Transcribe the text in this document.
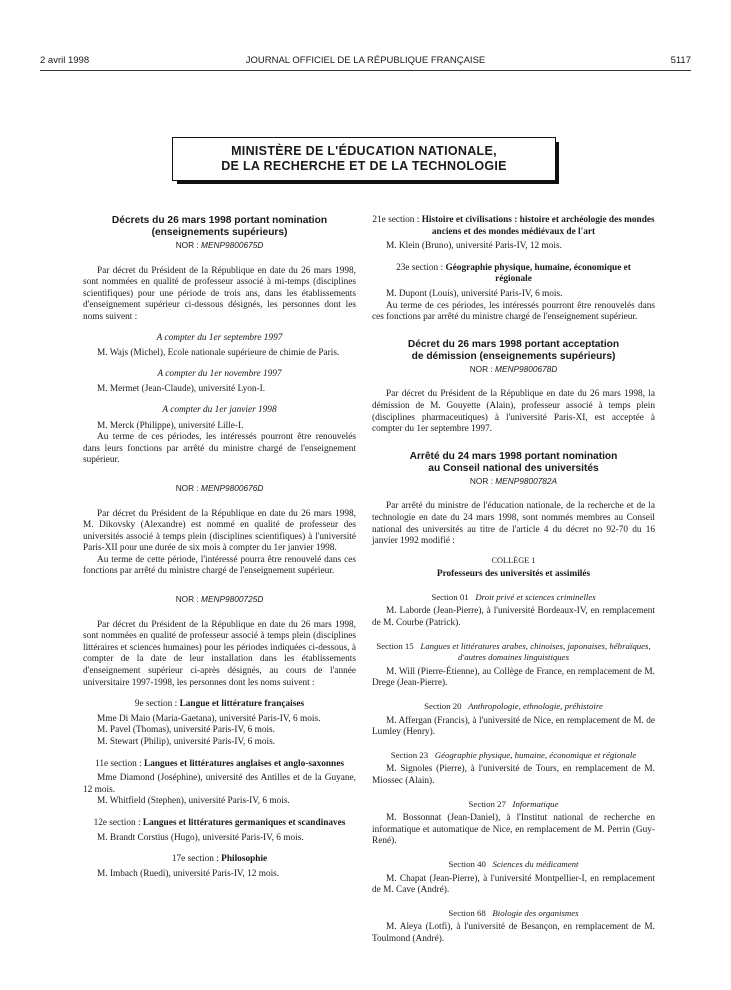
2 avril 1998	JOURNAL OFFICIEL DE LA RÉPUBLIQUE FRANÇAISE	5117
MINISTÈRE DE L'ÉDUCATION NATIONALE,
DE LA RECHERCHE ET DE LA TECHNOLOGIE
Décrets du 26 mars 1998 portant nomination
(enseignements supérieurs)
NOR : MENP9800675D

Par décret du Président de la République en date du 26 mars 1998, sont nommées en qualité de professeur associé à mi-temps (disciplines scientifiques) pour une période de trois ans, dans les établissements d'enseignement supérieur ci-dessous désignés, les personnes dont les noms suivent :

A compter du 1er septembre 1997

M. Wajs (Michel), Ecole nationale supérieure de chimie de Paris.

A compter du 1er novembre 1997

M. Mermet (Jean-Claude), université Lyon-I.

A compter du 1er janvier 1998

M. Merck (Philippe), université Lille-I.

Au terme de ces périodes, les intéressés pourront être renouvelés dans leurs fonctions par arrêté du ministre chargé de l'enseignement supérieur.

NOR : MENP9800676D

Par décret du Président de la République en date du 26 mars 1998, M. Dikovsky (Alexandre) est nommé en qualité de professeur des universités associé à temps plein (disciplines scientifiques) à l'université Paris-XII pour une durée de six mois à compter du 1er janvier 1998.

Au terme de cette période, l'intéressé pourra être renouvelé dans ces fonctions par arrêté du ministre chargé de l'enseignement supérieur.

NOR : MENP9800725D

Par décret du Président de la République en date du 26 mars 1998, sont nommées en qualité de professeur associé à temps plein (disciplines littéraires et sciences humaines) pour les périodes indiquées ci-dessous, à compter de la date de leur installation dans les établissements d'enseignement supérieur ci-après désignés, au cours de l'année universitaire 1997-1998, les personnes dont les noms suivent :

9e section : Langue et littérature françaises

Mme Di Maio (Maria-Gaetana), université Paris-IV, 6 mois.

M. Pavel (Thomas), université Paris-IV, 6 mois.

M. Stewart (Philip), université Paris-IV, 6 mois.

11e section : Langues et littératures anglaises et anglo-saxonnes

Mme Diamond (Joséphine), université des Antilles et de la Guyane, 12 mois.

M. Whitfield (Stephen), université Paris-IV, 6 mois.

12e section : Langues et littératures germaniques et scandinaves

M. Brandt Corstius (Hugo), université Paris-IV, 6 mois.

17e section : Philosophie

M. Imbach (Ruedi), université Paris-IV, 12 mois.

21e section : Histoire et civilisations : histoire et archéologie des mondes anciens et des mondes médiévaux de l'art

M. Klein (Bruno), université Paris-IV, 12 mois.

23e section : Géographie physique, humaine, économique et régionale

M. Dupont (Louis), université Paris-IV, 6 mois.

Au terme de ces périodes, les intéressés pourront être renouvelés dans ces fonctions par arrêté du ministre chargé de l'enseignement supérieur.

Décret du 26 mars 1998 portant acceptation
de démission (enseignements supérieurs)
NOR : MENP9800678D

Par décret du Président de la République en date du 26 mars 1998, la démission de M. Gouyette (Alain), professeur associé à temps plein (disciplines pharmaceutiques) à l'université Paris-XI, est acceptée à compter du 1er septembre 1997.

Arrêté du 24 mars 1998 portant nomination
au Conseil national des universités
NOR : MENP9800782A

Par arrêté du ministre de l'éducation nationale, de la recherche et de la technologie en date du 24 mars 1998, sont nommés membres au Conseil national des universités au titre de l'article 4 du décret no 92-70 du 16 janvier 1992 modifié :

COLLÈGE 1

Professeurs des universités et assimilés

Section 01 Droit privé et sciences criminelles

M. Laborde (Jean-Pierre), à l'université Bordeaux-IV, en remplacement de M. Courbe (Patrick).

Section 15 Langues et littératures arabes, chinoises, japonaises, hébraïques, d'autres domaines linguistiques

M. Will (Pierre-Étienne), au Collège de France, en remplacement de M. Drege (Jean-Pierre).

Section 20 Anthropologie, ethnologie, préhistoire

M. Affergan (Francis), à l'université de Nice, en remplacement de M. de Lumley (Henry).

Section 23 Géographie physique, humaine, économique et régionale

M. Signoles (Pierre), à l'université de Tours, en remplacement de M. Miossec (Alain).

Section 27 Informatique

M. Bossonnat (Jean-Daniel), à l'Institut national de recherche en informatique et automatique de Nice, en remplacement de M. Perrin (Guy-René).

Section 40 Sciences du médicament

M. Chapat (Jean-Pierre), à l'université Montpellier-I, en remplacement de M. Cave (André).

Section 68 Biologie des organismes

M. Aleya (Lotfi), à l'université de Besançon, en remplacement de M. Toulmond (André).
